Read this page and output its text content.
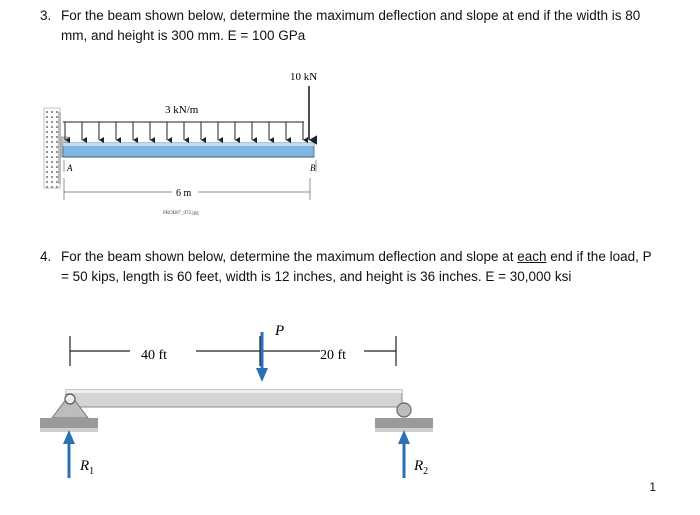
3. For the beam shown below, determine the maximum deflection and slope at end if the width is 80 mm, and height is 300 mm. E = 100 GPa
10 kN
3 kN/m
A	B
6 m
PROB07_072.jpg
4. For the beam shown below, determine the maximum deflection and slope at each end if the load, P = 50 kips, length is 60 feet, width is 12 inches, and height is 36 inches. E = 30,000 ksi
40 ft	20 ft
P
$R_1$	$R_2$
1
